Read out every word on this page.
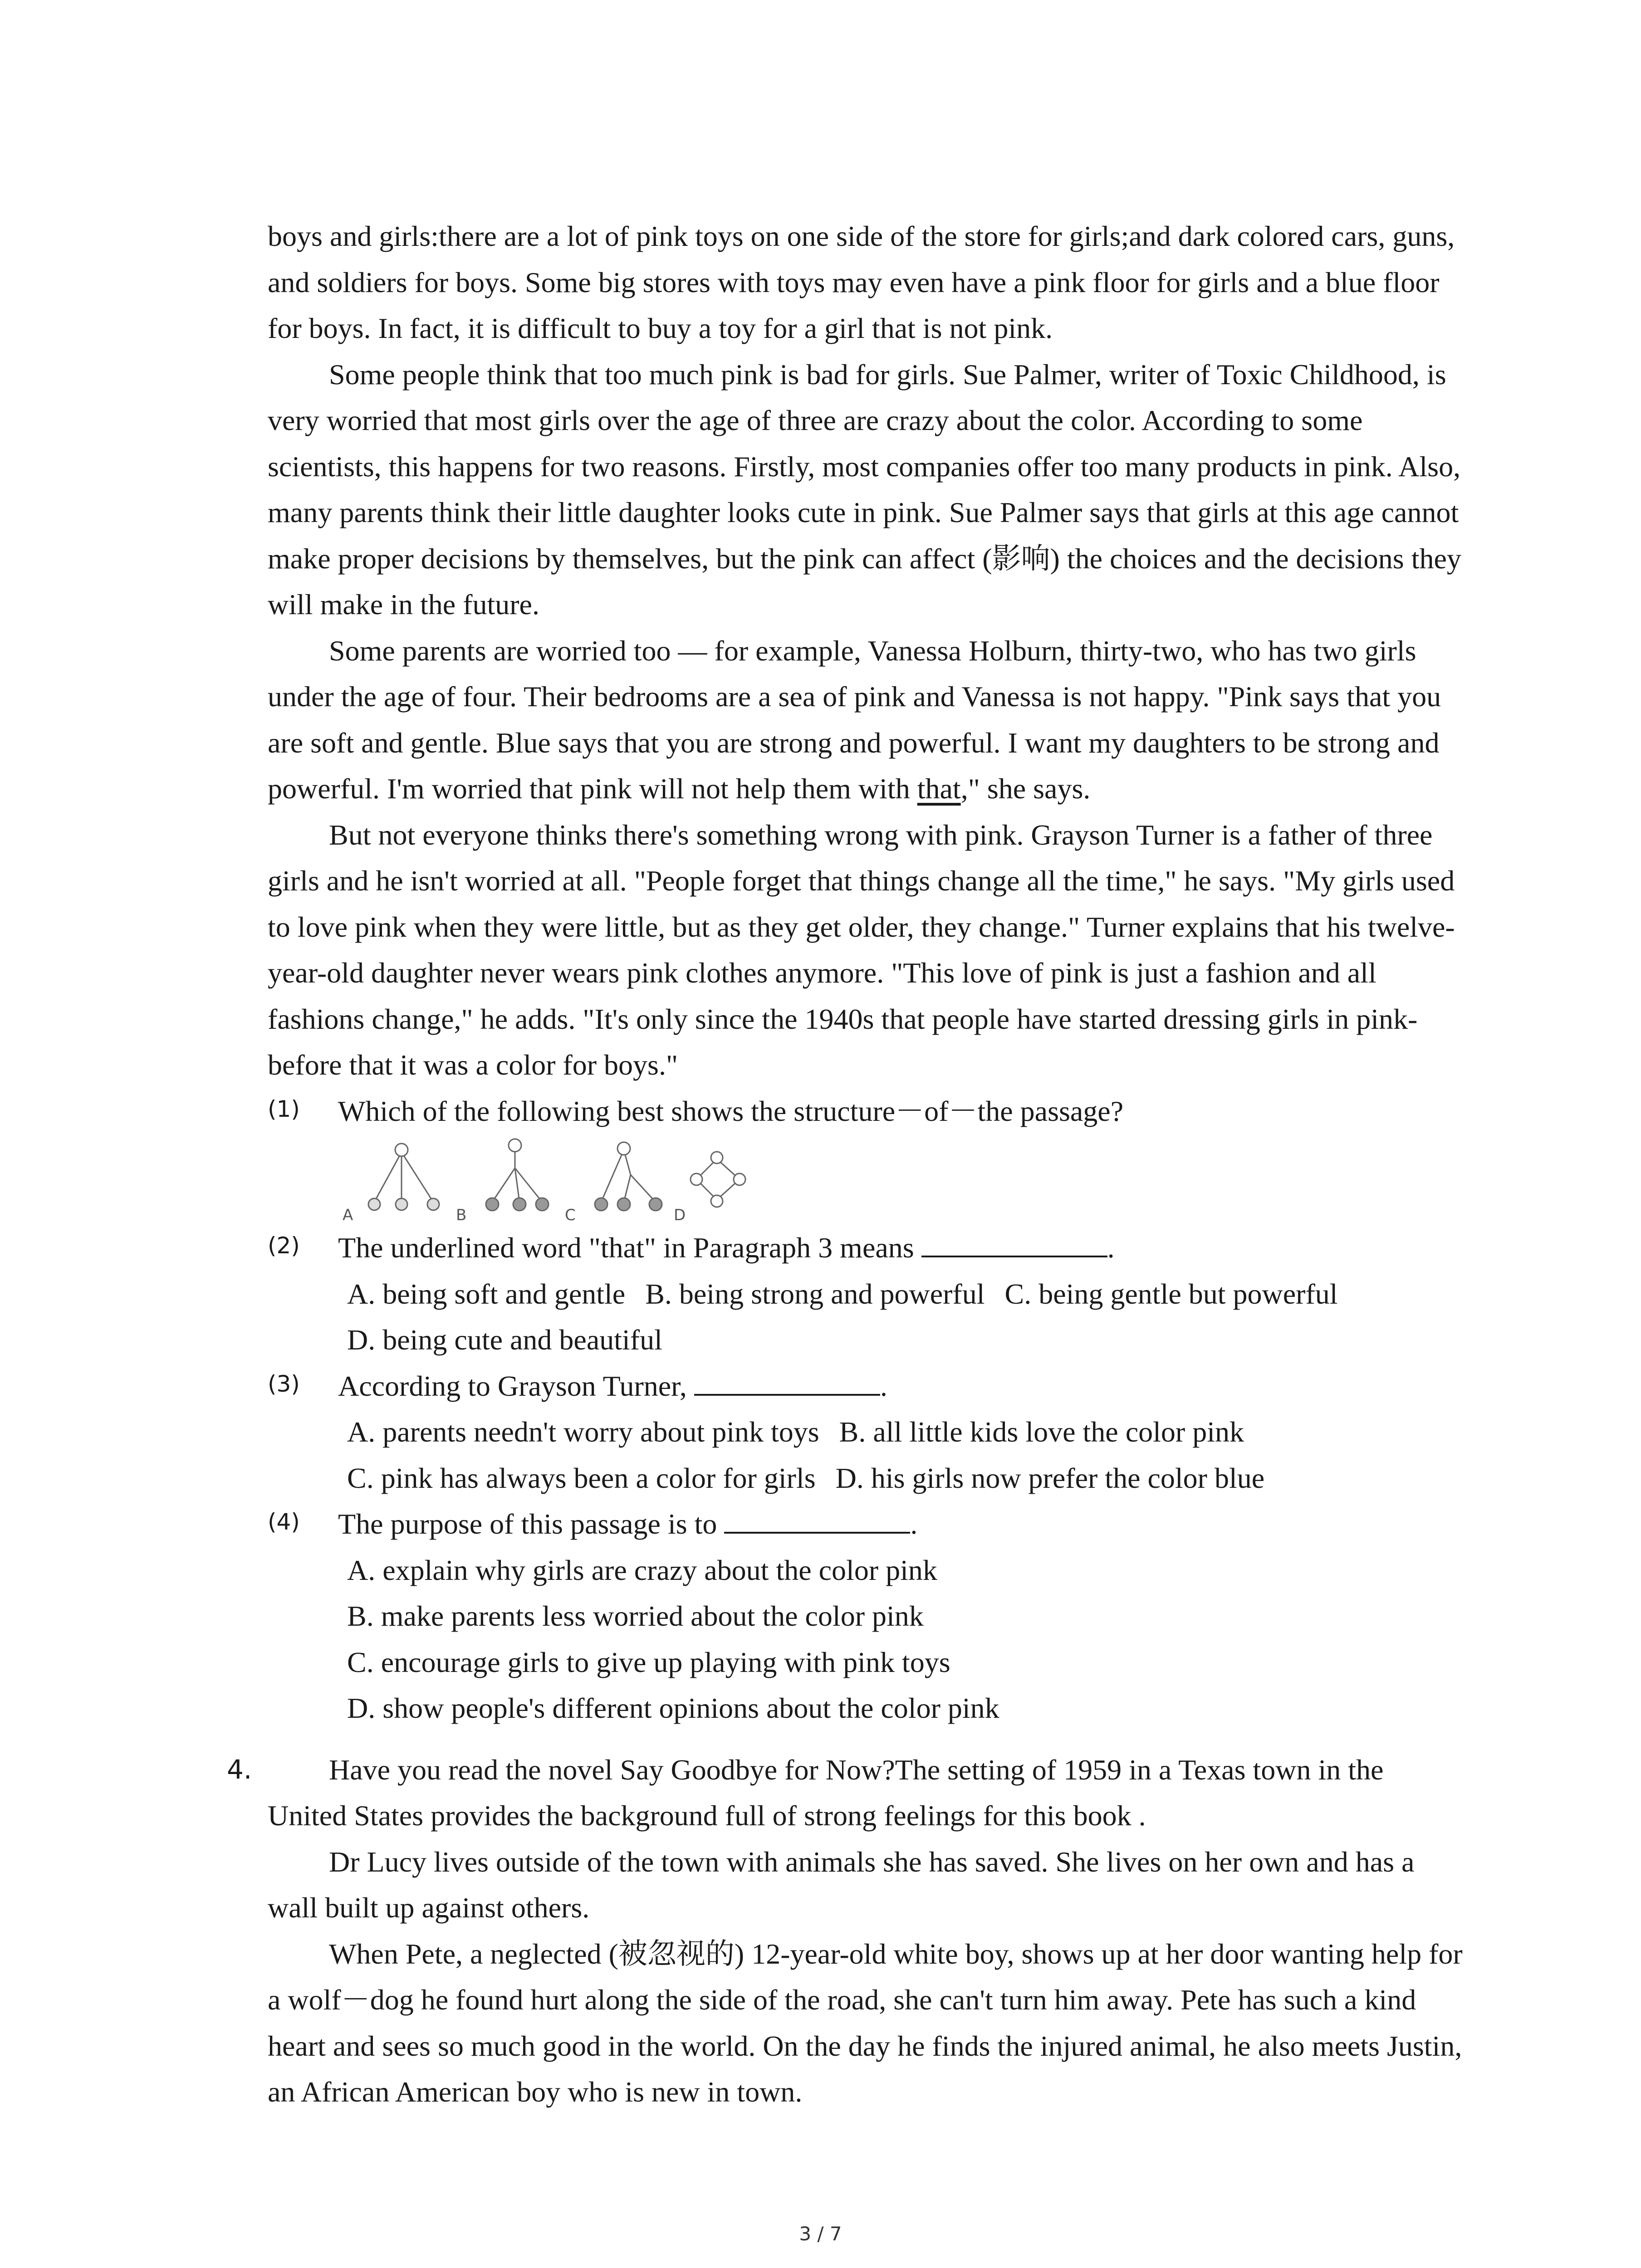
boys and girls:there are a lot of pink toys on one side of the store for girls;and dark colored cars, guns, and soldiers for boys. Some big stores with toys may even have a pink floor for girls and a blue floor for boys. In fact, it is difficult to buy a toy for a girl that is not pink.

Some people think that too much pink is bad for girls. Sue Palmer, writer of Toxic Childhood, is very worried that most girls over the age of three are crazy about the color. According to some scientists, this happens for two reasons. Firstly, most companies offer too many products in pink. Also, many parents think their little daughter looks cute in pink. Sue Palmer says that girls at this age cannot make proper decisions by themselves, but the pink can affect (影响) the choices and the decisions they will make in the future.

Some parents are worried too — for example, Vanessa Holburn, thirty-two, who has two girls under the age of four. Their bedrooms are a sea of pink and Vanessa is not happy. "Pink says that you are soft and gentle. Blue says that you are strong and powerful. I want my daughters to be strong and powerful. I'm worried that pink will not help them with that," she says.

But not everyone thinks there's something wrong with pink. Grayson Turner is a father of three girls and he isn't worried at all. "People forget that things change all the time," he says. "My girls used to love pink when they were little, but as they get older, they change." Turner explains that his twelve-year-old daughter never wears pink clothes anymore. "This love of pink is just a fashion and all fashions change," he adds. "It's only since the 1940s that people have started dressing girls in pink-before that it was a color for boys."

(1) Which of the following best shows the structure－of－the passage?

A	B	C	D
(2) The underlined word "that" in Paragraph 3 means	.

A. being soft and gentle B. being strong and powerful C. being gentle but powerful

D. being cute and beautiful

(3) According to Grayson Turner,	.

A. parents needn't worry about pink toys B. all little kids love the color pink

C. pink has always been a color for girls D. his girls now prefer the color blue

(4) The purpose of this passage is to	.

A. explain why girls are crazy about the color pink

B. make parents less worried about the color pink

C. encourage girls to give up playing with pink toys

D. show people's different opinions about the color pink

4.	Have you read the novel Say Goodbye for Now?The setting of 1959 in a Texas town in the United States provides the background full of strong feelings for this book .

Dr Lucy lives outside of the town with animals she has saved. She lives on her own and has a wall built up against others.

When Pete, a neglected (被忽视的) 12-year-old white boy, shows up at her door wanting help for a wolf－dog he found hurt along the side of the road, she can't turn him away. Pete has such a kind heart and sees so much good in the world. On the day he finds the injured animal, he also meets Justin, an African American boy who is new in town.

3 / 7
